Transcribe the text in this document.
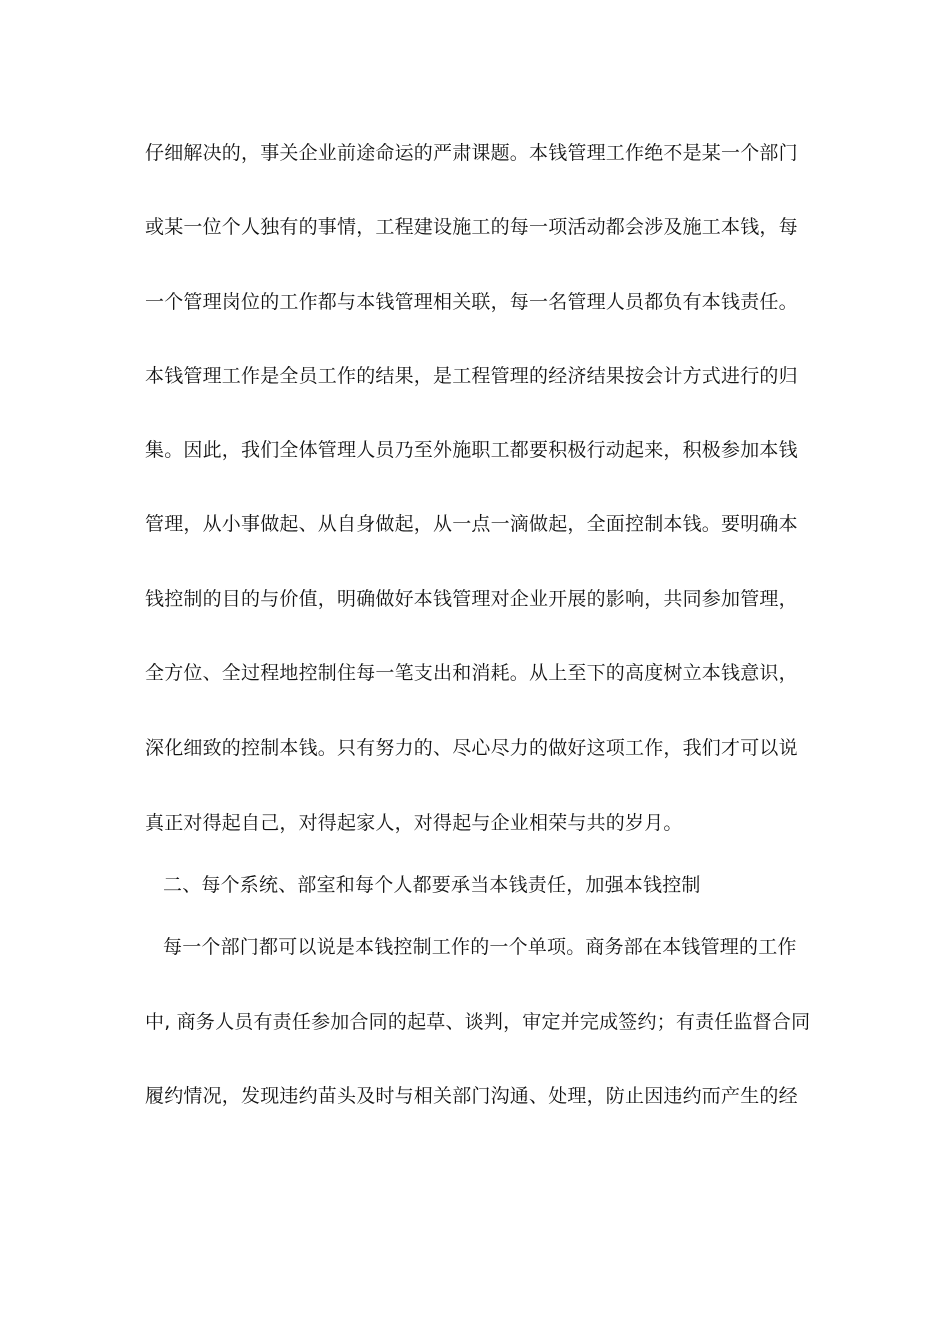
仔细解决的，事关企业前途命运的严肃课题。本钱管理工作绝不是某一个部门
或某一位个人独有的事情，工程建设施工的每一项活动都会涉及施工本钱，每
一个管理岗位的工作都与本钱管理相关联，每一名管理人员都负有本钱责任。
本钱管理工作是全员工作的结果，是工程管理的经济结果按会计方式进行的归
集。因此，我们全体管理人员乃至外施职工都要积极行动起来，积极参加本钱
管理，从小事做起、从自身做起，从一点一滴做起，全面控制本钱。要明确本
钱控制的目的与价值，明确做好本钱管理对企业开展的影响，共同参加管理，
全方位、全过程地控制住每一笔支出和消耗。从上至下的高度树立本钱意识，
深化细致的控制本钱。只有努力的、尽心尽力的做好这项工作，我们才可以说
真正对得起自己，对得起家人，对得起与企业相荣与共的岁月。
二、每个系统、部室和每个人都要承当本钱责任，加强本钱控制
每一个部门都可以说是本钱控制工作的一个单项。商务部在本钱管理的工作
中, 商务人员有责任参加合同的起草、谈判，审定并完成签约；有责任监督合同
履约情况，发现违约苗头及时与相关部门沟通、处理，防止因违约而产生的经
